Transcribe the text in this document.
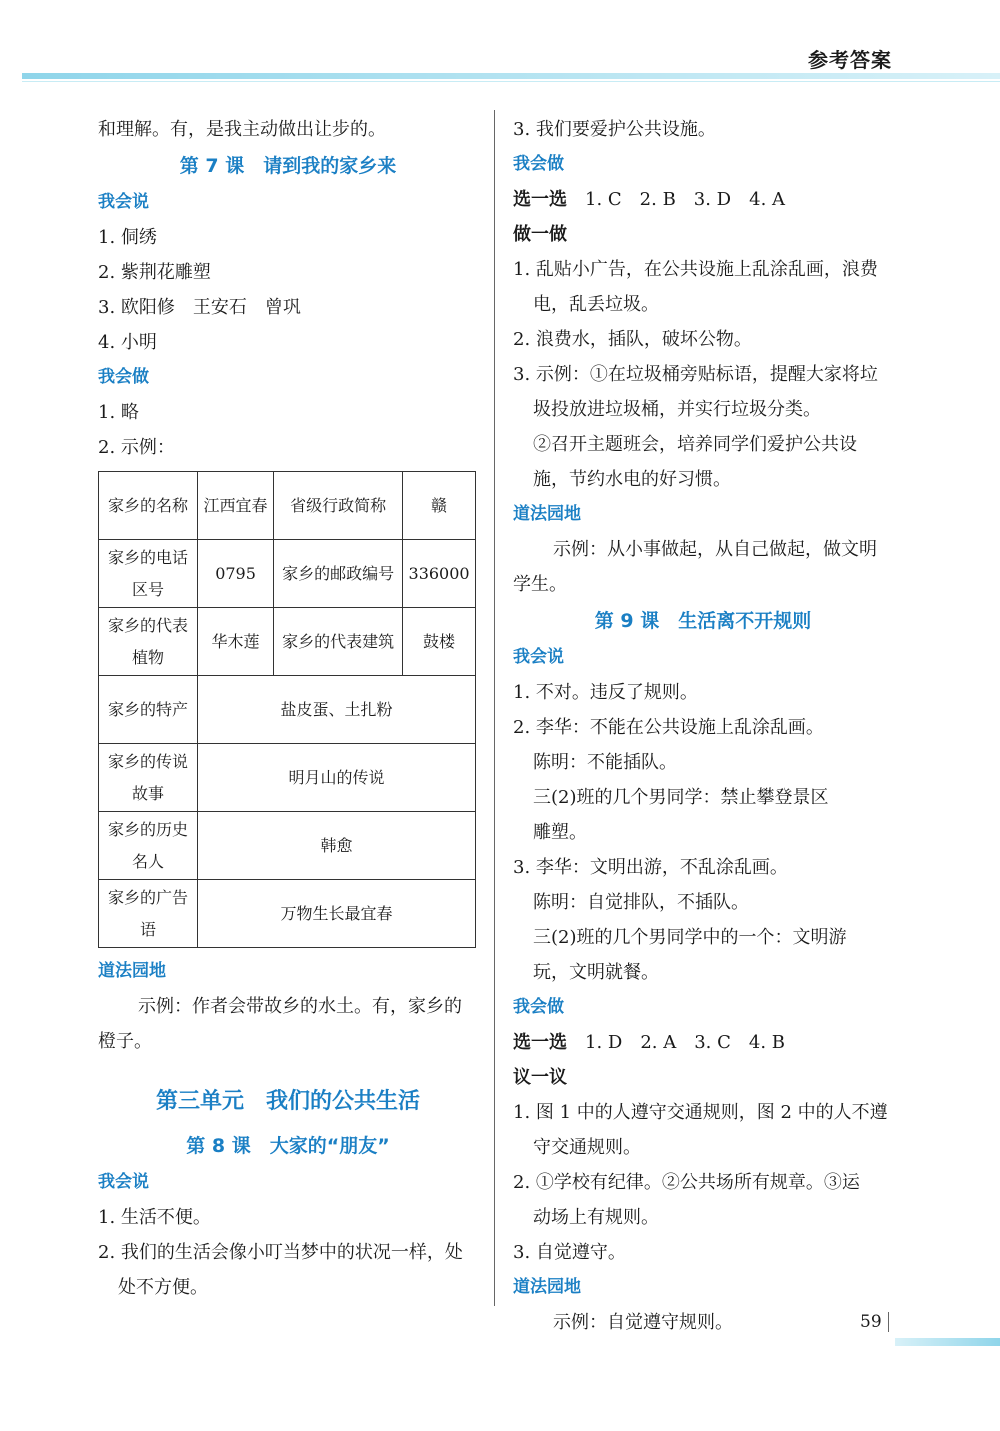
参考答案
和理解。有，是我主动做出让步的。
第 7 课　请到我的家乡来
我会说
1. 侗绣
2. 紫荆花雕塑
3. 欧阳修　王安石　曾巩
4. 小明
我会做
1. 略
2. 示例：
家乡的名称	江西宜春	省级行政简称	赣
家乡的电话区号	0795	家乡的邮政编号	336000
家乡的代表植物	华木莲	家乡的代表建筑	鼓楼
家乡的特产	盐皮蛋、土扎粉		
家乡的传说故事	明月山的传说		
家乡的历史名人	韩愈		
家乡的广告语	万物生长最宜春		
道法园地
示例：作者会带故乡的水土。有，家乡的
橙子。
第三单元　我们的公共生活
第 8 课　大家的“朋友”
我会说
1. 生活不便。
2. 我们的生活会像小叮当梦中的状况一样，处
处不方便。
3. 我们要爱护公共设施。
我会做
选一选　 1. C　2. B　3. D　4. A
做一做
1. 乱贴小广告，在公共设施上乱涂乱画，浪费
电，乱丢垃圾。
2. 浪费水，插队，破坏公物。
3. 示例：①在垃圾桶旁贴标语，提醒大家将垃
圾投放进垃圾桶，并实行垃圾分类。
②召开主题班会，培养同学们爱护公共设
施，节约水电的好习惯。
道法园地
示例：从小事做起，从自己做起，做文明
学生。
第 9 课　生活离不开规则
我会说
1. 不对。违反了规则。
2. 李华：不能在公共设施上乱涂乱画。
陈明：不能插队。
三(2)班的几个男同学：禁止攀登景区
雕塑。
3. 李华：文明出游，不乱涂乱画。
陈明：自觉排队，不插队。
三(2)班的几个男同学中的一个：文明游
玩，文明就餐。
我会做
选一选　 1. D　2. A　3. C　4. B
议一议
1. 图 1 中的人遵守交通规则，图 2 中的人不遵
守交通规则。
2. ①学校有纪律。②公共场所有规章。③运
动场上有规则。
3. 自觉遵守。
道法园地
示例：自觉遵守规则。	59
